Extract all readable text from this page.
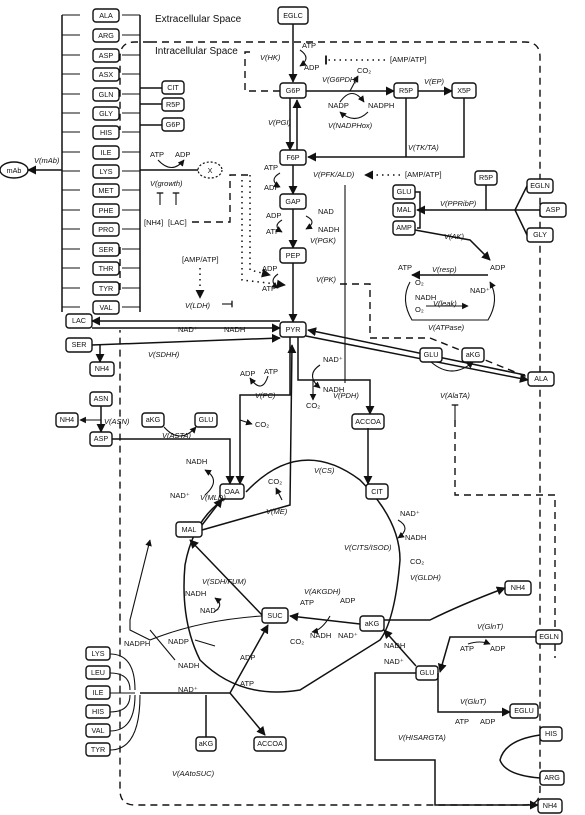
Extracellular Space
Intracellular Space
ALA
ARG
ASP
ASX
GLN
GLY
HIS
ILE
LYS
MET
PHE
PRO
SER
THR
TYR
VAL
CIT
R5P
G6P
mAb
V(mAb)
X
ATP ADP
V(growth)
[NH4] [LAC]
EGLC
V(HK)
ATP
ADP
[AMP/ATP]
G6P
V(G6PDH)
CO₂
NADP	NADPH
V(NADPHox)
R5P
V(EP)
X5P
V(TK/TA)
V(PGI)
F6P
ATP
ADP
V(PFK/ALD)	[AMP/ATP]
GAP
NAD
NADH
ADP
ATP
V(PGK)
PEP
ADP
ATP
V(PK)
PYR
[AMP/ATP]
V(LDH)
LAC
NAD⁺	NADH
SER
V(SDHH)
NH4
ASN
NH4	V(ASN)
ASP
aKG	GLU
V(ASTA)
ADP ATP
V(PC)
CO₂
NAD⁺
NADH
CO₂
V(PDH)
ACCOA
ALA
GLU	aKG
V(AlaTA)
R5P
GLU
MAL
AMP
EGLN
ASP
GLY
V(PPRibP)
V(AK)
ATP	ADP
V(resp)
O₂
NADH
NAD⁺
O₂
V(leak)
V(ATPase)
OAA	CIT
MAL
SUC
aKG
V(CS)
NADH
NAD⁺ V(MLD)
CO₂
V(ME)	NAD⁺
NADH
CO₂
V(CITS/ISOD)
V(GLDH)
V(SDH/FUM)
NADH
NAD⁺
V(AKGDH)
ATP	ADP
CO₂
NADH NAD⁺	EGLN
NH4
V(GlnT)
ATP ADP
GLU
NADH
NAD⁺
V(GluT)
ATP ADP
EGLU
V(HISARGTA)	HIS
ARG
NH4
LYS
LEU
ILE
HIS
VAL
TYR
NADH
NAD⁺
ADP
ATP
NADPH NADP
aKG	ACCOA
V(AAtoSUC)
